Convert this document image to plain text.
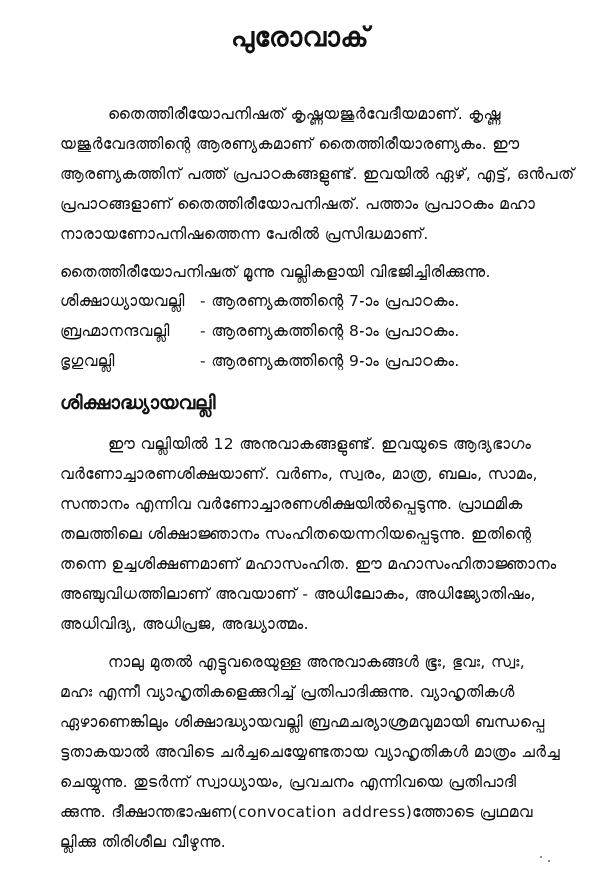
പുരോവാക്
തൈത്തിരീയോപനിഷത് കൃഷ്ണയജുർവേദീയമാണ്. കൃഷ്ണ
യജുർവേദത്തിന്റെ ആരണ്യകമാണ് തൈത്തിരീയാരണ്യകം. ഈ
ആരണ്യകത്തിന് പത്ത് പ്രപാഠകങ്ങളുണ്ട്. ഇവയിൽ ഏഴ്, എട്ട്, ഒൻപത്
പ്രപാഠങ്ങളാണ് തൈത്തിരീയോപനിഷത്. പത്താം പ്രപാഠകം മഹാ
നാരായണോപനിഷത്തെന്ന പേരിൽ പ്രസിദ്ധമാണ്.
തൈത്തിരീയോപനിഷത് മൂന്നു വല്ലികളായി വിഭജിച്ചിരിക്കുന്നു.
ശിക്ഷാധ്യായവല്ലി - ആരണ്യകത്തിന്റെ 7-ാം പ്രപാഠകം.
ബ്രഹ്മാനന്ദവല്ലി - ആരണ്യകത്തിന്റെ 8-ാം പ്രപാഠകം.
ഭൃഗുവല്ലി	- ആരണ്യകത്തിന്റെ 9-ാം പ്രപാഠകം.
ശിക്ഷാദ്ധ്യായവല്ലി
ഈ വല്ലിയിൽ 12 അനുവാകങ്ങളുണ്ട്. ഇവയുടെ ആദ്യഭാഗം
വർണോച്ചാരണശിക്ഷയാണ്. വർണം, സ്വരം, മാത്ര, ബലം, സാമം,
സന്താനം എന്നിവ വർണോച്ചാരണശിക്ഷയിൽപ്പെടുന്നു. പ്രാഥമിക
തലത്തിലെ ശിക്ഷാജ്ഞാനം സംഹിതയെന്നറിയപ്പെടുന്നു. ഇതിന്റെ
തന്നെ ഉച്ചശിക്ഷണമാണ് മഹാസംഹിത. ഈ മഹാസംഹിതാജ്ഞാനം
അഞ്ചുവിധത്തിലാണ് അവയാണ് - അധിലോകം, അധിജ്യോതിഷം,
അധിവിദ്യ, അധിപ്രജ, അദ്ധ്യാത്മം.
നാലു മുതൽ എട്ടുവരെയുള്ള അനുവാകങ്ങൾ ഭൂഃ, ഭുവഃ, സ്വഃ,
മഹഃ എന്നീ വ്യാഹൃതികളെക്കുറിച്ച് പ്രതിപാദിക്കുന്നു. വ്യാഹൃതികൾ
ഏഴാണെങ്കിലും ശിക്ഷാദ്ധ്യായവല്ലി ബ്രഹ്മചര്യാശ്രമവുമായി ബന്ധപ്പെ
ട്ടതാകയാൽ അവിടെ ചർച്ചചെയ്യേണ്ടതായ വ്യാഹൃതികൾ മാത്രം ചർച്ച
ചെയ്യുന്നു. തുടർന്ന് സ്വാധ്യായം, പ്രവചനം എന്നിവയെ പ്രതിപാദി
ക്കുന്നു. ദീക്ഷാന്തഭാഷണ(convocation address)ത്തോടെ പ്രഥമവ
ല്ലിക്കു തിരിശീല വീഴുന്നു.
